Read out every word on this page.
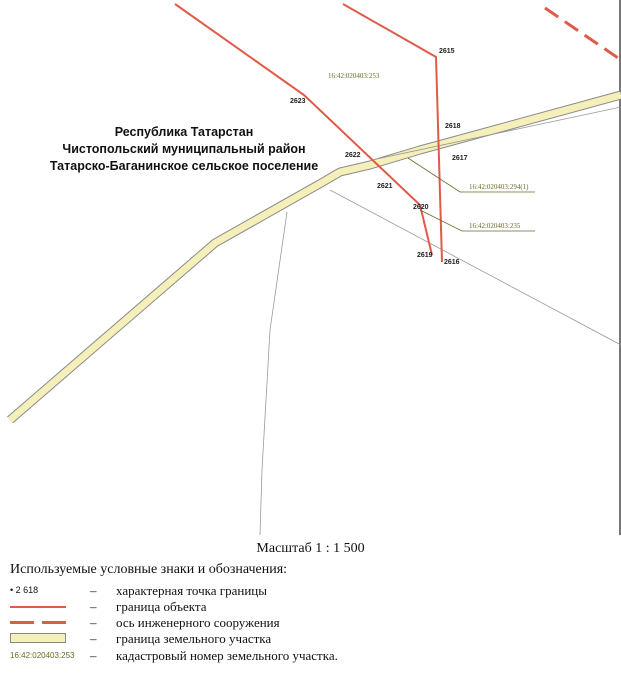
2615
2616
2617
2618
2619
2620
2621
2622
2623
16:42:020403:253
16:42:020403:294(1)
16:42:020403:235
Республика Татарстан
Чистопольский муниципальный район
Татарско-Баганинское сельское поселение
Масштаб 1 : 1 500
Используемые условные знаки и обозначения:
• 2 618	– характерная точка границы
– граница объекта
– ось инженерного сооружения
– граница земельного участка
16:42:020403:253 – кадастровый номер земельного участка.
